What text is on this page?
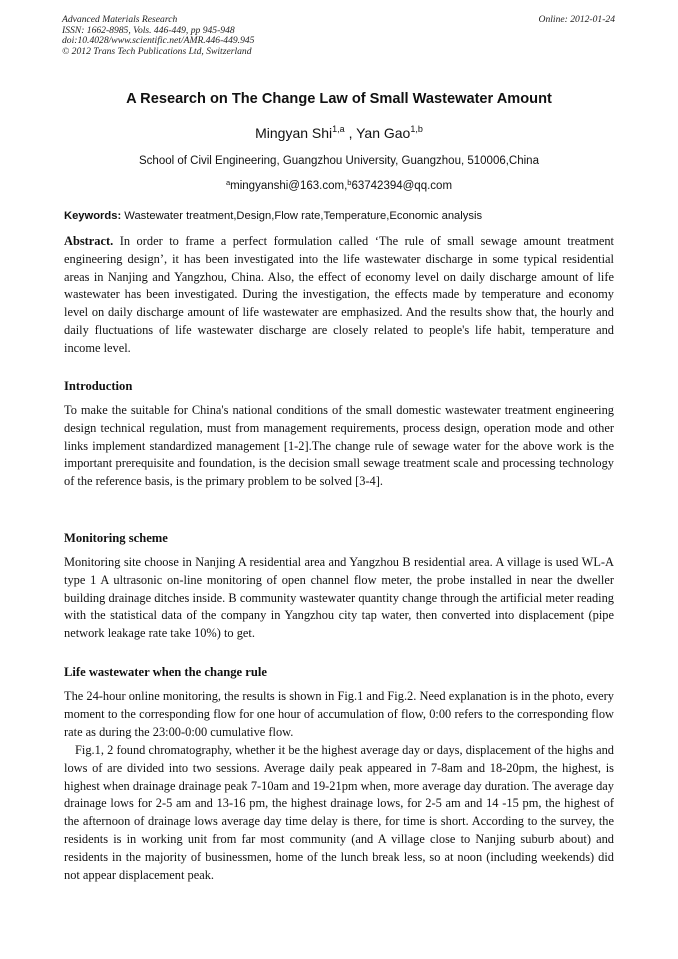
Advanced Materials Research
ISSN: 1662-8985, Vols. 446-449, pp 945-948
doi:10.4028/www.scientific.net/AMR.446-449.945
© 2012 Trans Tech Publications Ltd, Switzerland
Online: 2012-01-24
A Research on The Change Law of Small Wastewater Amount
Mingyan Shi$^{1,a}$ , Yan Gao$^{1,b}$
School of Civil Engineering, Guangzhou University, Guangzhou, 510006,China
$^a$mingyanshi@163.com,$^b$63742394@qq.com
Keywords: Wastewater treatment,Design,Flow rate,Temperature,Economic analysis
Abstract. In order to frame a perfect formulation called ‘The rule of small sewage amount treatment engineering design’, it has been investigated into the life wastewater discharge in some typical residential areas in Nanjing and Yangzhou, China. Also, the effect of economy level on daily discharge amount of life wastewater has been investigated. During the investigation, the effects made by temperature and economy level on daily discharge amount of life wastewater are emphasized. And the results show that, the hourly and daily fluctuations of life wastewater discharge are closely related to people's life habit, temperature and income level.
Introduction
To make the suitable for China's national conditions of the small domestic wastewater treatment engineering design technical regulation, must from management requirements, process design, operation mode and other links implement standardized management [1-2].The change rule of sewage water for the above work is the important prerequisite and foundation, is the decision small sewage treatment scale and processing technology of the reference basis, is the primary problem to be solved [3-4].
Monitoring scheme
Monitoring site choose in Nanjing A residential area and Yangzhou B residential area. A village is used WL-A type 1 A ultrasonic on-line monitoring of open channel flow meter, the probe installed in near the dweller building drainage ditches inside. B community wastewater quantity change through the artificial meter reading with the statistical data of the company in Yangzhou city tap water, then converted into displacement (pipe network leakage rate take 10%) to get.
Life wastewater when the change rule
The 24-hour online monitoring, the results is shown in Fig.1 and Fig.2. Need explanation is in the photo, every moment to the corresponding flow for one hour of accumulation of flow, 0:00 refers to the corresponding flow rate as during the 23:00-0:00 cumulative flow.
Fig.1, 2 found chromatography, whether it be the highest average day or days, displacement of the highs and lows of are divided into two sessions. Average daily peak appeared in 7-8am and 18-20pm, the highest, is highest when drainage drainage peak 7-10am and 19-21pm when, more average day duration. The average day drainage lows for 2-5 am and 13-16 pm, the highest drainage lows, for 2-5 am and 14 -15 pm, the highest of the afternoon of drainage lows average day time delay is there, for time is short. According to the survey, the residents is in working unit from far most community (and A village close to Nanjing suburb about) and residents in the majority of businessmen, home of the lunch break less, so at noon (including weekends) did not appear displacement peak.
